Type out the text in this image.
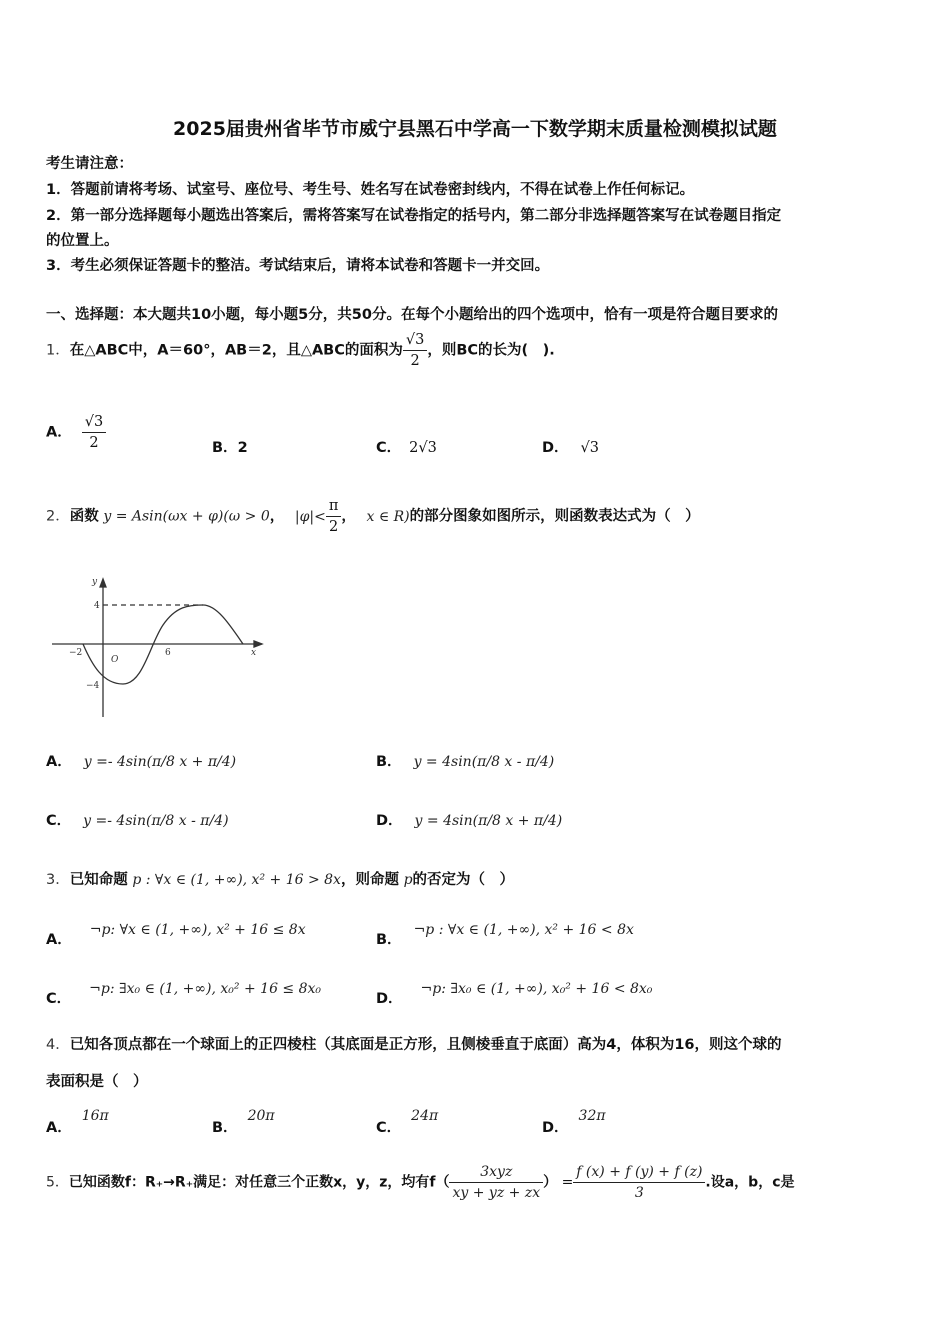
2025届贵州省毕节市威宁县黑石中学高一下数学期末质量检测模拟试题
考生请注意：
1．答题前请将考场、试室号、座位号、考生号、姓名写在试卷密封线内，不得在试卷上作任何标记。
2．第一部分选择题每小题选出答案后，需将答案写在试卷指定的括号内，第二部分非选择题答案写在试卷题目指定
的位置上。
3．考生必须保证答题卡的整洁。考试结束后，请将本试卷和答题卡一并交回。
一、选择题：本大题共10小题，每小题5分，共50分。在每个小题给出的四个选项中，恰有一项是符合题目要求的
1．在△ABC中，A＝60°，AB＝2，且△ABC的面积为 $\frac{√3}{2}$ ，则BC的长为(　).
A． $\frac{√3}{2}$	B．2	C． 2√3	D． √3
2．函数 y = Asin(ωx + φ)(ω > 0， $|\varphi|< \frac{\pi}{2}$ ， x ∈ R)的部分图象如图所示，则函数表达式为（　）
y
x
O
4
−4
−2	6
A． y =- 4sin(π/8 x + π/4)	B． y = 4sin(π/8 x - π/4)
C． y =- 4sin(π/8 x - π/4)	D． y = 4sin(π/8 x + π/4)
3．已知命题 p : ∀x ∈ (1, +∞), x² + 16 > 8x，则命题 p的否定为（　）
A．¬p: ∀x ∈ (1, +∞), x² + 16 ≤ 8x
B．¬p : ∀x ∈ (1, +∞), x² + 16 < 8x
C．¬p: ∃x₀ ∈ (1, +∞), x₀² + 16 ≤ 8x₀
D．¬p: ∃x₀ ∈ (1, +∞), x₀² + 16 < 8x₀
4．已知各顶点都在一个球面上的正四棱柱（其底面是正方形，且侧棱垂直于底面）高为4，体积为16，则这个球的
表面积是（　）
A．16π
B．20π
C．24π
D．32π
5．已知函数f：R₊→R₊满足：对任意三个正数x，y，z，均有$f( \frac{\text{3xyz}}{xy + yz + zx}$ ） = $\frac{f (x) + f (y) + f (z)}{3}$ .设a，b，c是
